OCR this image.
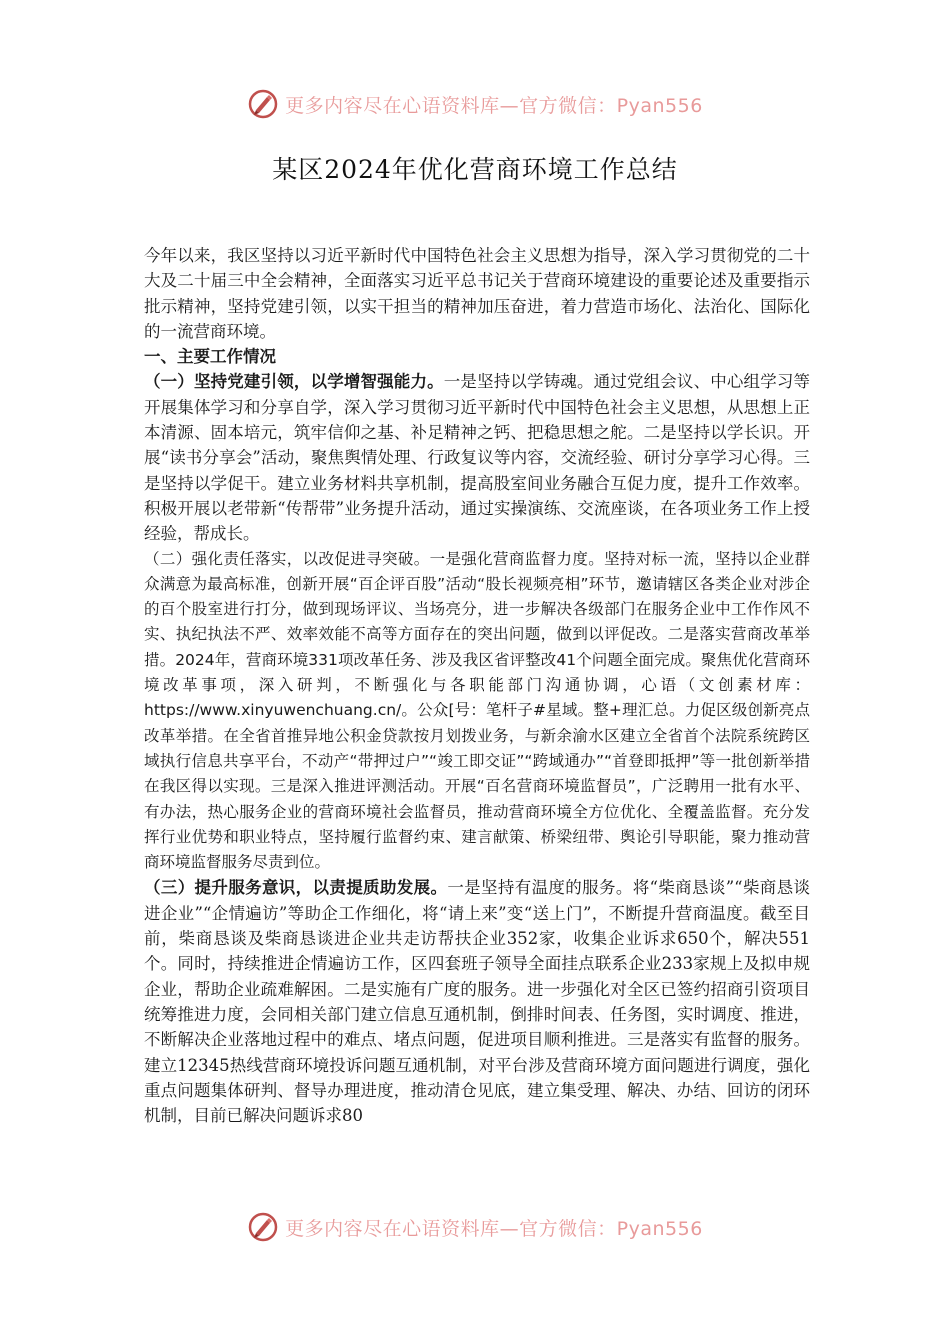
更多内容尽在心语资料库—官方微信：Pyan556
某区2024年优化营商环境工作总结

今年以来，我区坚持以习近平新时代中国特色社会主义思想为指导，深入学习贯彻党的二十大及二十届三中全会精神，全面落实习近平总书记关于营商环境建设的重要论述及重要指示批示精神，坚持党建引领，以实干担当的精神加压奋进，着力营造市场化、法治化、国际化的一流营商环境。

一、主要工作情况

（一）坚持党建引领，以学增智强能力。一是坚持以学铸魂。通过党组会议、中心组学习等开展集体学习和分享自学，深入学习贯彻习近平新时代中国特色社会主义思想，从思想上正本清源、固本培元，筑牢信仰之基、补足精神之钙、把稳思想之舵。二是坚持以学长识。开展“读书分享会”活动，聚焦舆情处理、行政复议等内容，交流经验、研讨分享学习心得。三是坚持以学促干。建立业务材料共享机制，提高股室间业务融合互促力度，提升工作效率。积极开展以老带新“传帮带”业务提升活动，通过实操演练、交流座谈，在各项业务工作上授经验，帮成长。

（二）强化责任落实，以改促进寻突破。一是强化营商监督力度。坚持对标一流，坚持以企业群众满意为最高标准，创新开展“百企评百股”活动“股长视频亮相”环节，邀请辖区各类企业对涉企的百个股室进行打分，做到现场评议、当场亮分，进一步解决各级部门在服务企业中工作作风不实、执纪执法不严、效率效能不高等方面存在的突出问题，做到以评促改。二是落实营商改革举措。2024年，营商环境331项改革任务、涉及我区省评整改41个问题全面完成。聚焦优化营商环境改革事项，深入研判，不断强化与各职能部门沟通协调，心语（文创素材库：https://www.xinyuwenchuang.cn/。公众[号：笔杆子#星域。整+理汇总。力促区级创新亮点改革举措。在全省首推异地公积金贷款按月划拨业务，与新余渝水区建立全省首个法院系统跨区域执行信息共享平台，不动产“带押过户”“竣工即交证”“跨域通办”“首登即抵押”等一批创新举措在我区得以实现。三是深入推进评测活动。开展“百名营商环境监督员”，广泛聘用一批有水平、有办法，热心服务企业的营商环境社会监督员，推动营商环境全方位优化、全覆盖监督。充分发挥行业优势和职业特点，坚持履行监督约束、建言献策、桥梁纽带、舆论引导职能，聚力推动营商环境监督服务尽责到位。

（三）提升服务意识，以责提质助发展。一是坚持有温度的服务。将“柴商恳谈”“柴商恳谈进企业”“企情遍访”等助企工作细化，将“请上来”变“送上门”，不断提升营商温度。截至目前，柴商恳谈及柴商恳谈进企业共走访帮扶企业352家，收集企业诉求650个，解决551个。同时，持续推进企情遍访工作，区四套班子领导全面挂点联系企业233家规上及拟申规企业，帮助企业疏难解困。二是实施有广度的服务。进一步强化对全区已签约招商引资项目统筹推进力度，会同相关部门建立信息互通机制，倒排时间表、任务图，实时调度、推进，不断解决企业落地过程中的难点、堵点问题，促进项目顺利推进。三是落实有监督的服务。建立12345热线营商环境投诉问题互通机制，对平台涉及营商环境方面问题进行调度，强化重点问题集体研判、督导办理进度，推动清仓见底，建立集受理、解决、办结、回访的闭环机制，目前已解决问题诉求80

更多内容尽在心语资料库—官方微信：Pyan556
